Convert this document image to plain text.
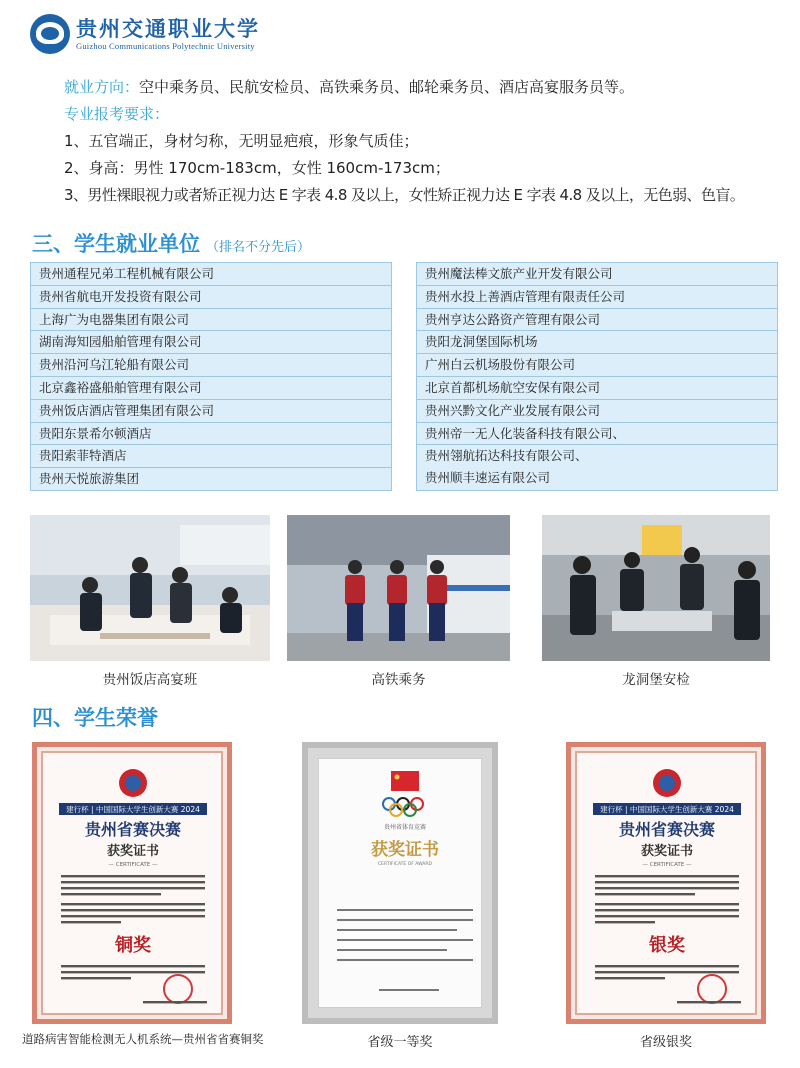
贵州交通职业大学
Guizhou Communications Polytechnic University
就业方向：空中乘务员、民航安检员、高铁乘务员、邮轮乘务员、酒店高宴服务员等。
专业报考要求：
1、五官端正，身材匀称，无明显疤痕，形象气质佳；
2、身高：男性 170cm-183cm，女性 160cm-173cm；
3、男性裸眼视力或者矫正视力达 E 字表 4.8 及以上，女性矫正视力达 E 字表 4.8 及以上，无色弱、色盲。
三、学生就业单位 （排名不分先后）
贵州通程兄弟工程机械有限公司
贵州省航电开发投资有限公司
上海广为电器集团有限公司
湖南海知园船舶管理有限公司
贵州沿河乌江轮船有限公司
北京鑫裕盛船舶管理有限公司
贵州饭店酒店管理集团有限公司
贵阳东景希尔顿酒店
贵阳索菲特酒店
贵州天悦旅游集团
贵州魔法棒文旅产业开发有限公司
贵州水投上善酒店管理有限责任公司
贵州亨达公路资产管理有限公司
贵阳龙洞堡国际机场
广州白云机场股份有限公司
北京首都机场航空安保有限公司
贵州兴黔文化产业发展有限公司
贵州帝一无人化装备科技有限公司、
贵州翎航拓达科技有限公司、
贵州顺丰速运有限公司
贵州饭店高宴班	高铁乘务	龙洞堡安检
四、学生荣誉
建行杯 | 中国国际大学生创新大赛 2024
贵州省赛决赛
获奖证书
— CERTIFICATE —
铜奖
道路病害智能检测无人机系统—贵州省省赛铜奖
贵州省体育竞赛
获奖证书
CERTIFICATE OF AWARD
省级一等奖
建行杯 | 中国国际大学生创新大赛 2024
贵州省赛决赛
获奖证书
— CERTIFICATE —
银奖
省级银奖
